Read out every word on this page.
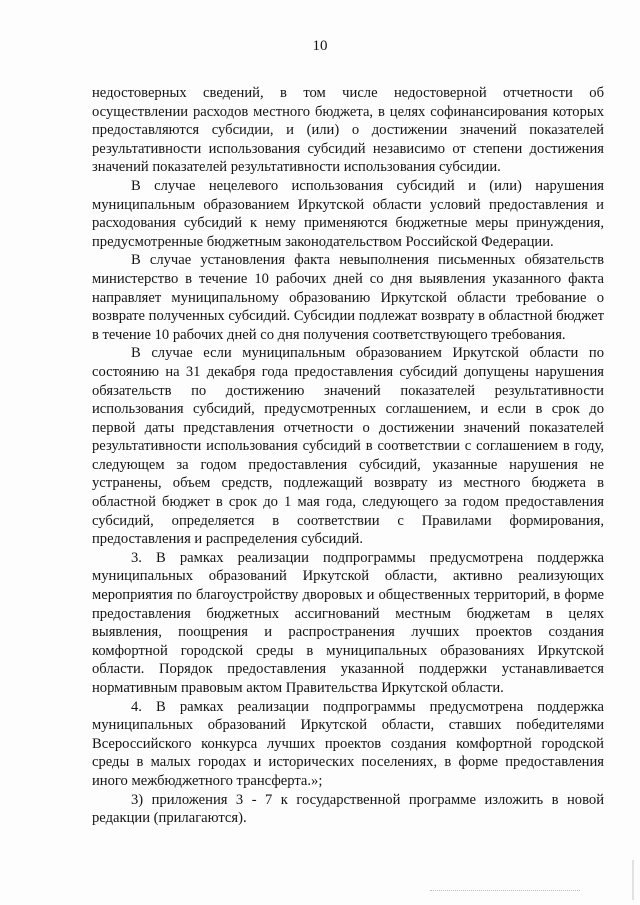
10

недостоверных сведений, в том числе недостоверной отчетности об осуществлении расходов местного бюджета, в целях софинансирования которых предоставляются субсидии, и (или) о достижении значений показателей результативности использования субсидий независимо от степени достижения значений показателей результативности использования субсидии.

В случае нецелевого использования субсидий и (или) нарушения муниципальным образованием Иркутской области условий предоставления и расходования субсидий к нему применяются бюджетные меры принуждения, предусмотренные бюджетным законодательством Российской Федерации.

В случае установления факта невыполнения письменных обязательств министерство в течение 10 рабочих дней со дня выявления указанного факта направляет муниципальному образованию Иркутской области требование о возврате полученных субсидий. Субсидии подлежат возврату в областной бюджет в течение 10 рабочих дней со дня получения соответствующего требования.

В случае если муниципальным образованием Иркутской области по состоянию на 31 декабря года предоставления субсидий допущены нарушения обязательств по достижению значений показателей результативности использования субсидий, предусмотренных соглашением, и если в срок до первой даты представления отчетности о достижении значений показателей результативности использования субсидий в соответствии с соглашением в году, следующем за годом предоставления субсидий, указанные нарушения не устранены, объем средств, подлежащий возврату из местного бюджета в областной бюджет в срок до 1 мая года, следующего за годом предоставления субсидий, определяется в соответствии с Правилами формирования, предоставления и распределения субсидий.

3. В рамках реализации подпрограммы предусмотрена поддержка муниципальных образований Иркутской области, активно реализующих мероприятия по благоустройству дворовых и общественных территорий, в форме предоставления бюджетных ассигнований местным бюджетам в целях выявления, поощрения и распространения лучших проектов создания комфортной городской среды в муниципальных образованиях Иркутской области. Порядок предоставления указанной поддержки устанавливается нормативным правовым актом Правительства Иркутской области.

4. В рамках реализации подпрограммы предусмотрена поддержка муниципальных образований Иркутской области, ставших победителями Всероссийского конкурса лучших проектов создания комфортной городской среды в малых городах и исторических поселениях, в форме предоставления иного межбюджетного трансферта.»;

3) приложения 3 - 7 к государственной программе изложить в новой редакции (прилагаются).
